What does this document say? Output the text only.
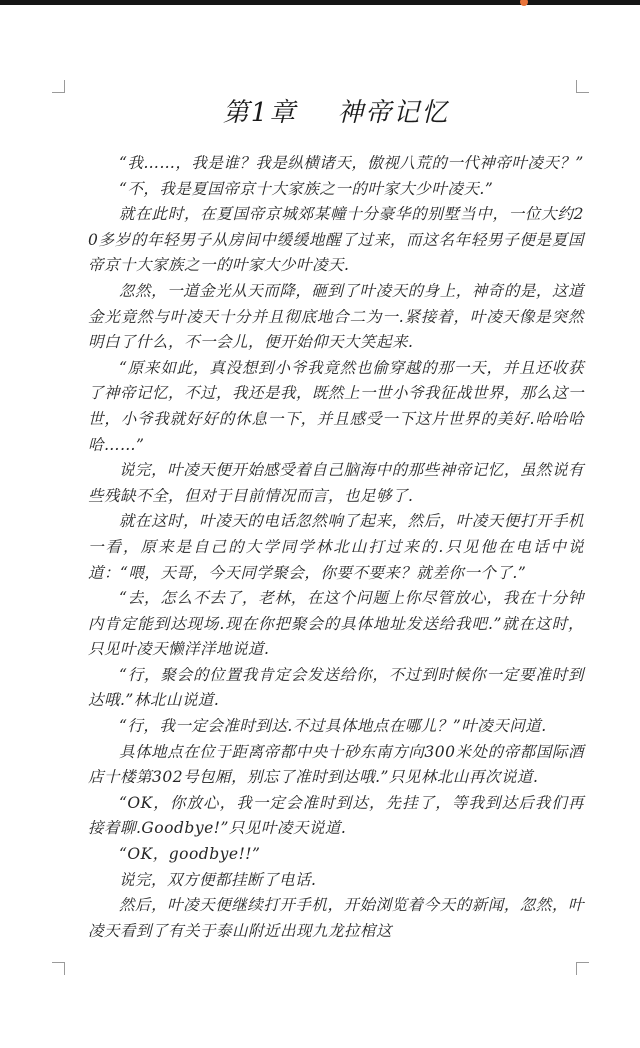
第1章 神帝记忆

“我……，我是谁？我是纵横诸天，傲视八荒的一代神帝叶凌天？”

“不，我是夏国帝京十大家族之一的叶家大少叶凌天.”

就在此时，在夏国帝京城郊某幢十分豪华的别墅当中，一位大约20多岁的年轻男子从房间中缓缓地醒了过来，而这名年轻男子便是夏国帝京十大家族之一的叶家大少叶凌天.

忽然，一道金光从天而降，砸到了叶凌天的身上，神奇的是，这道金光竟然与叶凌天十分并且彻底地合二为一.紧接着，叶凌天像是突然明白了什么，不一会儿，便开始仰天大笑起来.

“原来如此，真没想到小爷我竟然也偷穿越的那一天，并且还收获了神帝记忆，不过，我还是我，既然上一世小爷我征战世界，那么这一世，小爷我就好好的休息一下，并且感受一下这片世界的美好.哈哈哈哈……”

说完，叶凌天便开始感受着自己脑海中的那些神帝记忆，虽然说有些残缺不全，但对于目前情况而言，也足够了.

就在这时，叶凌天的电话忽然响了起来，然后，叶凌天便打开手机一看，原来是自己的大学同学林北山打过来的.只见他在电话中说道：“喂，天哥，今天同学聚会，你要不要来？就差你一个了.”

“去，怎么不去了，老林，在这个问题上你尽管放心，我在十分钟内肯定能到达现场.现在你把聚会的具体地址发送给我吧.”就在这时，只见叶凌天懒洋洋地说道.

“行，聚会的位置我肯定会发送给你，不过到时候你一定要准时到达哦.”林北山说道.

“行，我一定会准时到达.不过具体地点在哪儿？”叶凌天问道.

具体地点在位于距离帝都中央十砂东南方向300米处的帝都国际酒店十楼第302号包厢，别忘了准时到达哦.”只见林北山再次说道.

“OK，你放心，我一定会准时到达，先挂了，等我到达后我们再接着聊.Goodbye!”只见叶凌天说道.

“OK，goodbye!!”

说完，双方便都挂断了电话.

然后，叶凌天便继续打开手机，开始浏览着今天的新闻，忽然，叶凌天看到了有关于泰山附近出现九龙拉棺这
